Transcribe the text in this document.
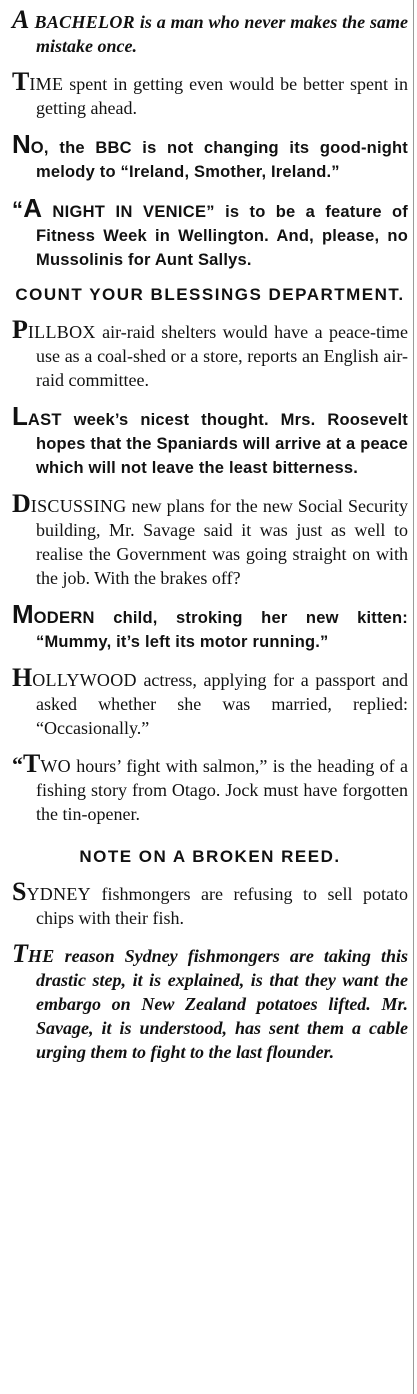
A BACHELOR is a man who never makes the same mistake once.

TIME spent in getting even would be better spent in getting ahead.

NO, the BBC is not changing its good-night melody to “Ireland, Smother, Ireland.”

“A NIGHT IN VENICE” is to be a feature of Fitness Week in Wellington. And, please, no Mussolinis for Aunt Sallys.

COUNT YOUR BLESSINGS DEPARTMENT.

PILLBOX air-raid shelters would have a peace-time use as a coal-shed or a store, reports an English air-raid committee.

LAST week’s nicest thought. Mrs. Roosevelt hopes that the Spaniards will arrive at a peace which will not leave the least bitterness.

DISCUSSING new plans for the new Social Security building, Mr. Savage said it was just as well to realise the Government was going straight on with the job. With the brakes off?

MODERN child, stroking her new kitten: “Mummy, it’s left its motor running.”

HOLLYWOOD actress, applying for a passport and asked whether she was married, replied: “Occasionally.”

“TWO hours’ fight with salmon,” is the heading of a fishing story from Otago. Jock must have forgotten the tin-opener.

NOTE ON A BROKEN REED.

SYDNEY fishmongers are refusing to sell potato chips with their fish.

THE reason Sydney fishmongers are taking this drastic step, it is explained, is that they want the embargo on New Zealand potatoes lifted. Mr. Savage, it is understood, has sent them a cable urging them to fight to the last flounder.
